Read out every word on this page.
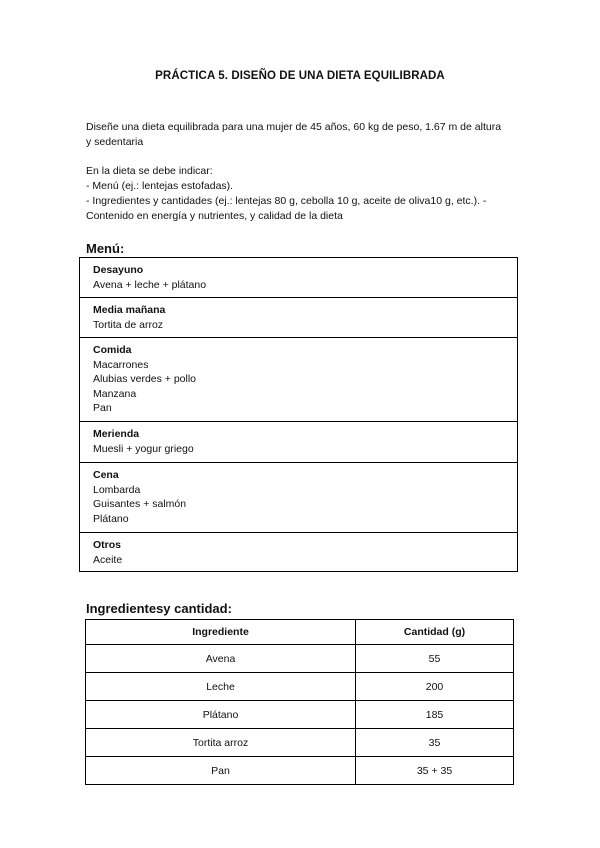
PRÁCTICA 5. DISEÑO DE UNA DIETA EQUILIBRADA
Diseñe una dieta equilibrada para una mujer de 45 años, 60 kg de peso, 1.67 m de altura y sedentaria
En la dieta se debe indicar:
- Menú (ej.: lentejas estofadas).
- Ingredientes y cantidades (ej.: lentejas 80 g, cebolla 10 g, aceite de oliva10 g, etc.). -
Contenido en energía y nutrientes, y calidad de la dieta
Menú:
Desayuno
Avena + leche + plátano
Media mañana
Tortita de arroz
Comida
Macarrones
Alubias verdes + pollo
Manzana
Pan
Merienda
Muesli + yogur griego
Cena
Lombarda
Guisantes + salmón
Plátano
Otros
Aceite
Ingredientesy cantidad:
Ingrediente	Cantidad (g)
Avena	55
Leche	200
Plátano	185
Tortita arroz	35
Pan	35 + 35
